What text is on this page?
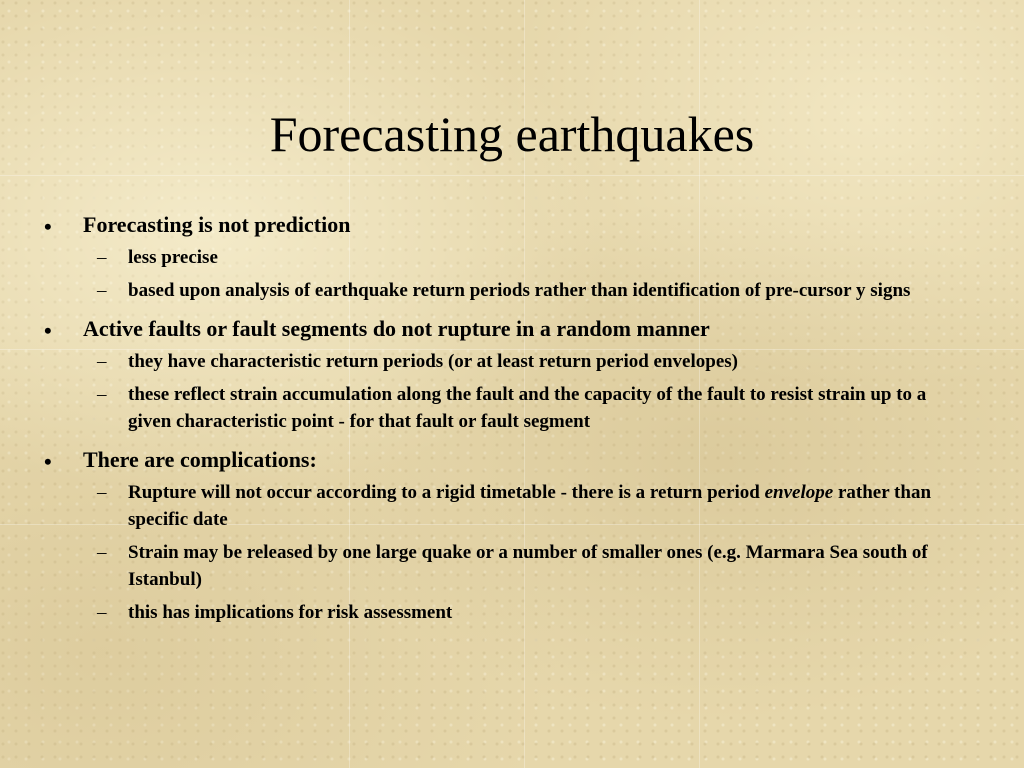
Forecasting earthquakes
• Forecasting is not prediction
– less precise
– based upon analysis of earthquake return periods rather than identification of pre-cursor y signs
• Active faults or fault segments do not rupture in a random manner
– they have characteristic return periods (or at least return period envelopes)
– these reflect strain accumulation along the fault and the capacity of the fault to resist strain up to a given characteristic point - for that fault or fault segment
• There are complications:
– Rupture will not occur according to a rigid timetable - there is a return period envelope rather than specific date
– Strain may be released by one large quake or a number of smaller ones (e.g. Marmara Sea south of Istanbul)
– this has implications for risk assessment
